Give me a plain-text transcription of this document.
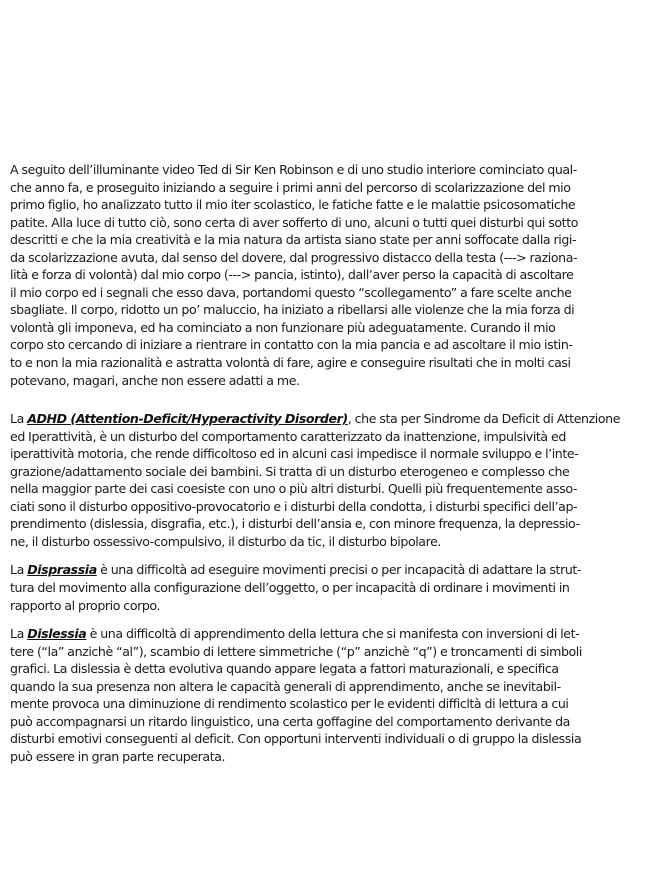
A seguito dell’illuminante video Ted di Sir Ken Robinson e di uno studio interiore cominciato qual-
che anno fa, e proseguito iniziando a seguire i primi anni del percorso di scolarizzazione del mio
primo figlio, ho analizzato tutto il mio iter scolastico, le fatiche fatte e le malattie psicosomatiche
patite. Alla luce di tutto ciò, sono certa di aver sofferto di uno, alcuni o tutti quei disturbi qui sotto
descritti e che la mia creatività e la mia natura da artista siano state per anni soffocate dalla rigi-
da scolarizzazione avuta, dal senso del dovere, dal progressivo distacco della testa (---> raziona-
lità e forza di volontà) dal mio corpo (---> pancia, istinto), dall’aver perso la capacità di ascoltare
il mio corpo ed i segnali che esso dava, portandomi questo “scollegamento” a fare scelte anche
sbagliate. Il corpo, ridotto un po’ maluccio, ha iniziato a ribellarsi alle violenze che la mia forza di
volontà gli imponeva, ed ha cominciato a non funzionare più adeguatamente. Curando il mio
corpo sto cercando di iniziare a rientrare in contatto con la mia pancia e ad ascoltare il mio istin-
to e non la mia razionalità e astratta volontà di fare, agire e conseguire risultati che in molti casi
potevano, magari, anche non essere adatti a me.

La ADHD (Attention-Deficit/Hyperactivity Disorder), che sta per Sindrome da Deficit di Attenzione
ed Iperattività, è un disturbo del comportamento caratterizzato da inattenzione, impulsività ed
iperattività motoria, che rende difficoltoso ed in alcuni casi impedisce il normale sviluppo e l’inte-
grazione/adattamento sociale dei bambini. Si tratta di un disturbo eterogeneo e complesso che
nella maggior parte dei casi coesiste con uno o più altri disturbi. Quelli più frequentemente asso-
ciati sono il disturbo oppositivo-provocatorio e i disturbi della condotta, i disturbi specifici dell’ap-
prendimento (dislessia, disgrafia, etc.), i disturbi dell’ansia e, con minore frequenza, la depressio-
ne, il disturbo ossessivo-compulsivo, il disturbo da tic, il disturbo bipolare.

La Disprassia è una difficoltà ad eseguire movimenti precisi o per incapacità di adattare la strut-
tura del movimento alla configurazione dell’oggetto, o per incapacità di ordinare i movimenti in
rapporto al proprio corpo.

La Dislessia è una difficoltà di apprendimento della lettura che si manifesta con inversioni di let-
tere (“la” anzichè “al”), scambio di lettere simmetriche (“p” anzichè “q”) e troncamenti di simboli
grafici. La dislessia è detta evolutiva quando appare legata a fattori maturazionali, e specifica
quando la sua presenza non altera le capacità generali di apprendimento, anche se inevitabil-
mente provoca una diminuzione di rendimento scolastico per le evidenti difficltà di lettura a cui
può accompagnarsi un ritardo linguistico, una certa goffagine del comportamento derivante da
disturbi emotivi conseguenti al deficit. Con opportuni interventi individuali o di gruppo la dislessia
può essere in gran parte recuperata.
